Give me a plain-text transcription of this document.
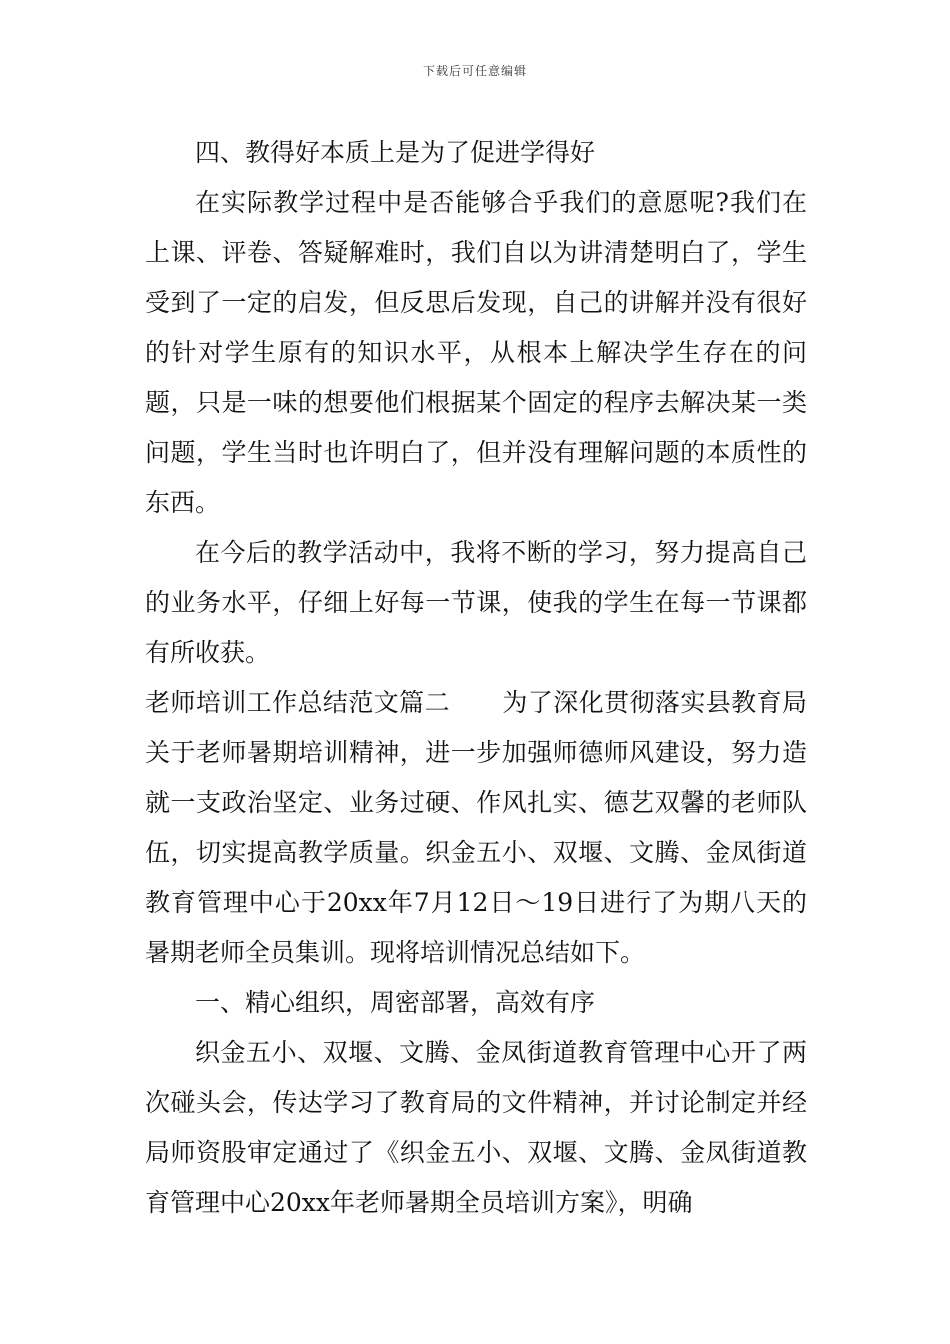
下载后可任意编辑

四、教得好本质上是为了促进学得好

在实际教学过程中是否能够合乎我们的意愿呢?我们在上课、评卷、答疑解难时，我们自以为讲清楚明白了，学生受到了一定的启发，但反思后发现，自己的讲解并没有很好的针对学生原有的知识水平，从根本上解决学生存在的问题，只是一味的想要他们根据某个固定的程序去解决某一类问题，学生当时也许明白了，但并没有理解问题的本质性的东西。

在今后的教学活动中，我将不断的学习，努力提高自己的业务水平，仔细上好每一节课，使我的学生在每一节课都有所收获。

老师培训工作总结范文篇二 为了深化贯彻落实县教育局关于老师暑期培训精神，进一步加强师德师风建设，努力造就一支政治坚定、业务过硬、作风扎实、德艺双馨的老师队伍，切实提高教学质量。织金五小、双堰、文腾、金凤街道教育管理中心于20xx年7月12日～19日进行了为期八天的暑期老师全员集训。现将培训情况总结如下。

一、精心组织，周密部署，高效有序

织金五小、双堰、文腾、金凤街道教育管理中心开了两次碰头会，传达学习了教育局的文件精神，并讨论制定并经局师资股审定通过了《织金五小、双堰、文腾、金凤街道教育管理中心20xx年老师暑期全员培训方案》，明确
